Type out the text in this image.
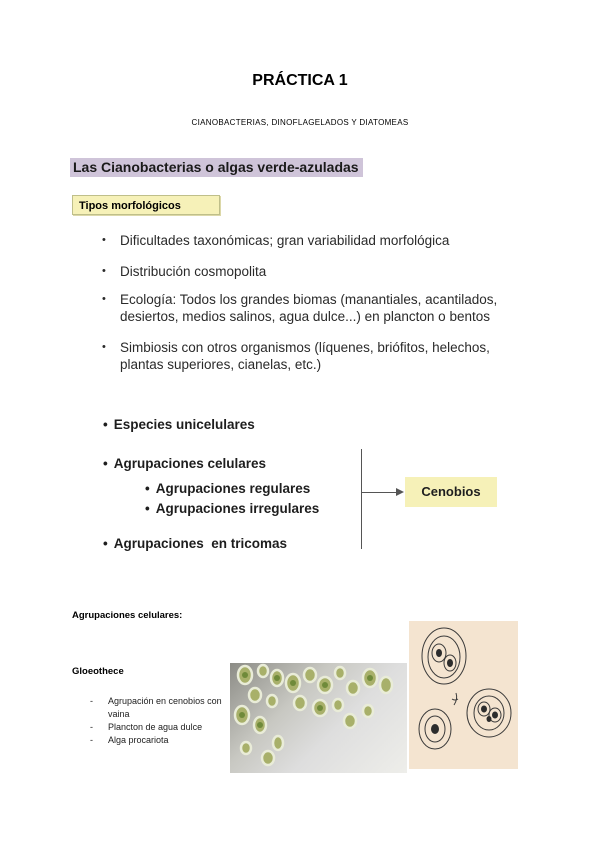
PRÁCTICA 1
CIANOBACTERIAS, DINOFLAGELADOS Y DIATOMEAS
Las Cianobacterias o algas verde-azuladas
Tipos morfológicos
• Dificultades taxonómicas; gran variabilidad morfológica
• Distribución cosmopolita
• Ecología: Todos los grandes biomas (manantiales, acantilados, desiertos, medios salinos, agua dulce...) en plancton o bentos
• Simbiosis con otros organismos (líquenes, briófitos, helechos, plantas superiores, cianelas, etc.)
• Especies unicelulares
• Agrupaciones celulares
• Agrupaciones regulares
• Agrupaciones irregulares
• Agrupaciones  en tricomas
Cenobios
Agrupaciones celulares:
Gloeothece
- Agrupación en cenobios con vaina
- Plancton de agua dulce
- Alga procariota
